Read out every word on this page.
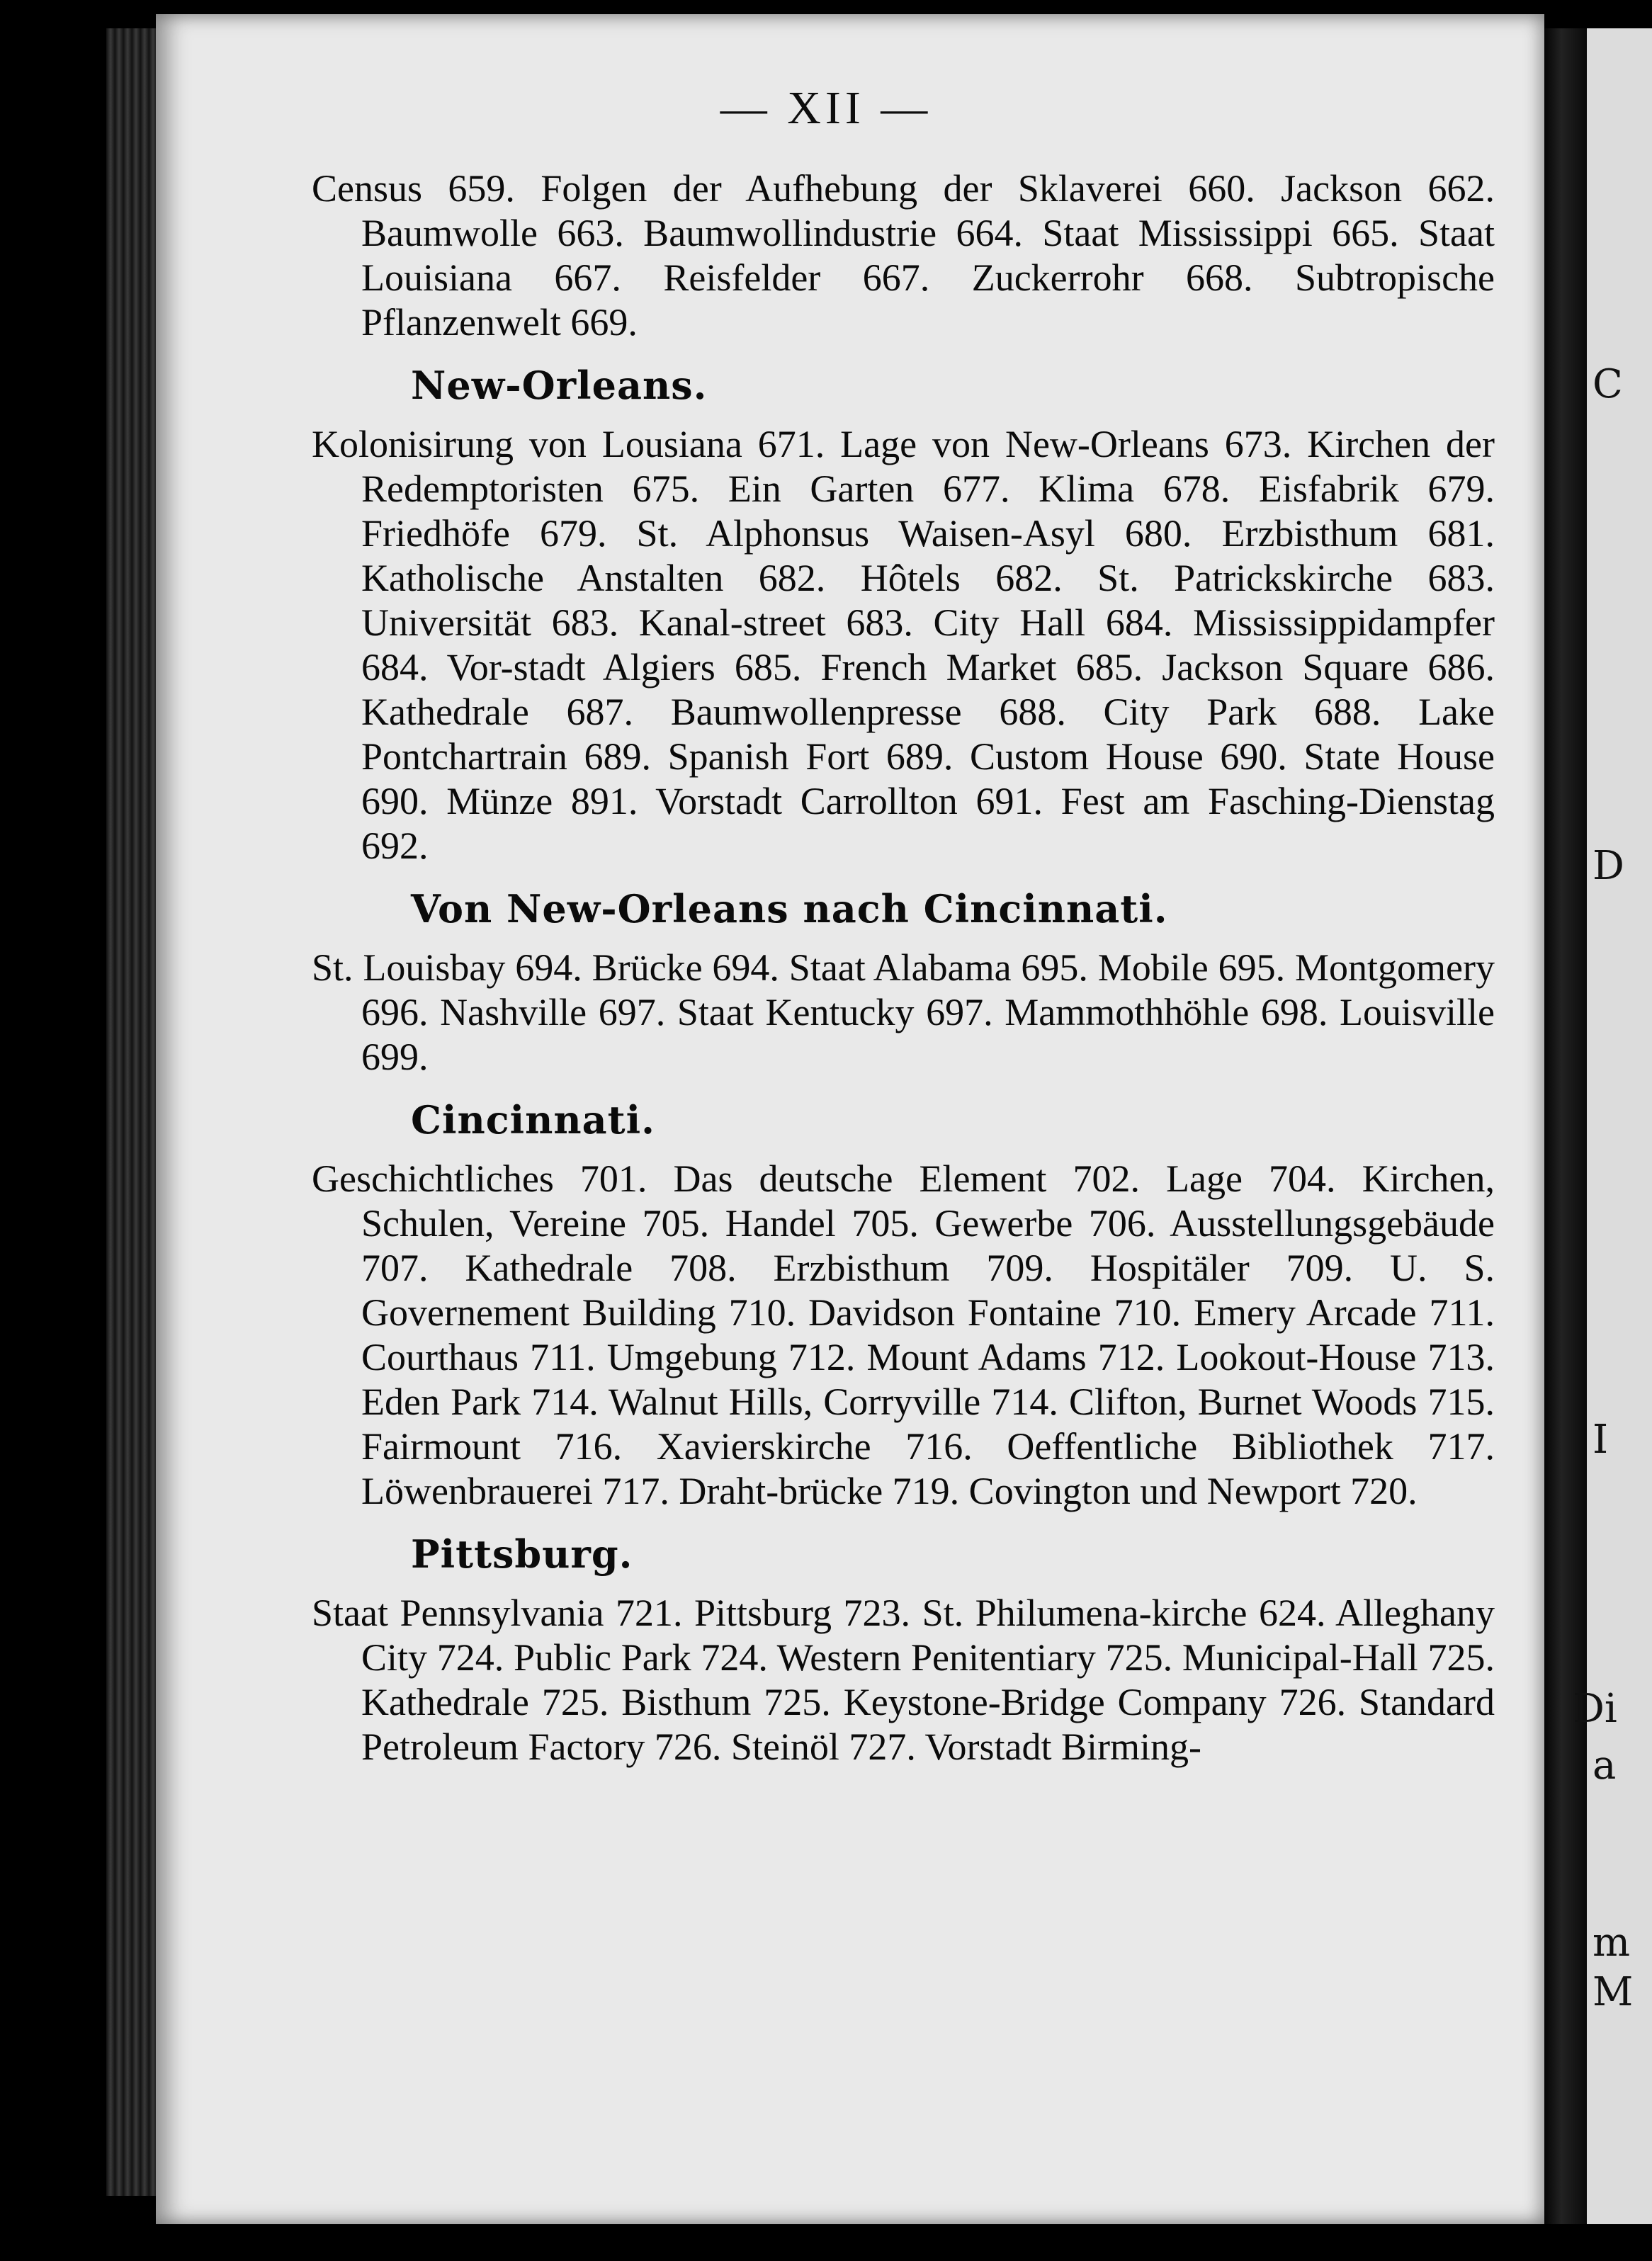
C
D
I
Di
a
m
M
— XII —

Census 659. Folgen der Aufhebung der Sklaverei 660. Jackson 662. Baumwolle 663. Baumwollindustrie 664. Staat Mississippi 665. Staat Louisiana 667. Reisfelder 667. Zuckerrohr 668. Subtropische Pflanzenwelt 669.

New-Orleans.

Kolonisirung von Lousiana 671. Lage von New-Orleans 673. Kirchen der Redemptoristen 675. Ein Garten 677. Klima 678. Eisfabrik 679. Friedhöfe 679. St. Alphonsus Waisen-Asyl 680. Erzbisthum 681. Katholische Anstalten 682. Hôtels 682. St. Patrickskirche 683. Universität 683. Kanal-street 683. City Hall 684. Mississippidampfer 684. Vor-stadt Algiers 685. French Market 685. Jackson Square 686. Kathedrale 687. Baumwollenpresse 688. City Park 688. Lake Pontchartrain 689. Spanish Fort 689. Custom House 690. State House 690. Münze 891. Vorstadt Carrollton 691. Fest am Fasching-Dienstag 692.

Von New-Orleans nach Cincinnati.

St. Louisbay 694. Brücke 694. Staat Alabama 695. Mobile 695. Montgomery 696. Nashville 697. Staat Kentucky 697. Mammothhöhle 698. Louisville 699.

Cincinnati.

Geschichtliches 701. Das deutsche Element 702. Lage 704. Kirchen, Schulen, Vereine 705. Handel 705. Gewerbe 706. Ausstellungsgebäude 707. Kathedrale 708. Erzbisthum 709. Hospitäler 709. U. S. Governement Building 710. Davidson Fontaine 710. Emery Arcade 711. Courthaus 711. Umgebung 712. Mount Adams 712. Lookout-House 713. Eden Park 714. Walnut Hills, Corryville 714. Clifton, Burnet Woods 715. Fairmount 716. Xavierskirche 716. Oeffentliche Bibliothek 717. Löwenbrauerei 717. Draht-brücke 719. Covington und Newport 720.

Pittsburg.

Staat Pennsylvania 721. Pittsburg 723. St. Philumena-kirche 624. Alleghany City 724. Public Park 724. Western Penitentiary 725. Municipal-Hall 725. Kathedrale 725. Bisthum 725. Keystone-Bridge Company 726. Standard Petroleum Factory 726. Steinöl 727. Vorstadt Birming-
